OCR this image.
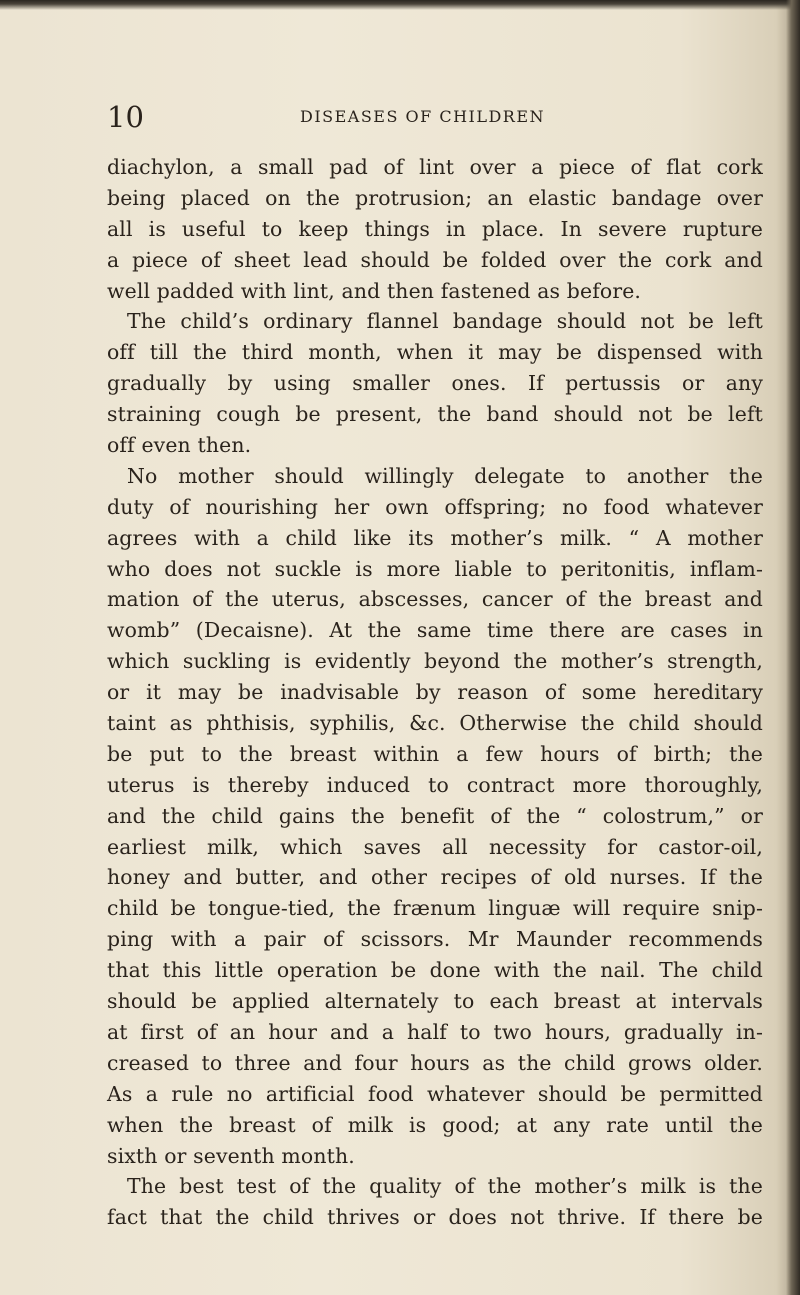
10	DISEASES OF CHILDREN
diachylon, a small pad of lint over a piece of flat cork
being placed on the protrusion; an elastic bandage over
all is useful to keep things in place. In severe rupture
a piece of sheet lead should be folded over the cork and
well padded with lint, and then fastened as before.
The child’s ordinary flannel bandage should not be left
off till the third month, when it may be dispensed with
gradually by using smaller ones. If pertussis or any
straining cough be present, the band should not be left
off even then.
No mother should willingly delegate to another the
duty of nourishing her own offspring; no food whatever
agrees with a child like its mother’s milk. “ A mother
who does not suckle is more liable to peritonitis, inflam-
mation of the uterus, abscesses, cancer of the breast and
womb” (Decaisne). At the same time there are cases in
which suckling is evidently beyond the mother’s strength,
or it may be inadvisable by reason of some hereditary
taint as phthisis, syphilis, &c. Otherwise the child should
be put to the breast within a few hours of birth; the
uterus is thereby induced to contract more thoroughly,
and the child gains the benefit of the “ colostrum,” or
earliest milk, which saves all necessity for castor-oil,
honey and butter, and other recipes of old nurses. If the
child be tongue-tied, the frænum linguæ will require snip-
ping with a pair of scissors. Mr Maunder recommends
that this little operation be done with the nail. The child
should be applied alternately to each breast at intervals
at first of an hour and a half to two hours, gradually in-
creased to three and four hours as the child grows older.
As a rule no artificial food whatever should be permitted
when the breast of milk is good; at any rate until the
sixth or seventh month.
The best test of the quality of the mother’s milk is the
fact that the child thrives or does not thrive. If there be
